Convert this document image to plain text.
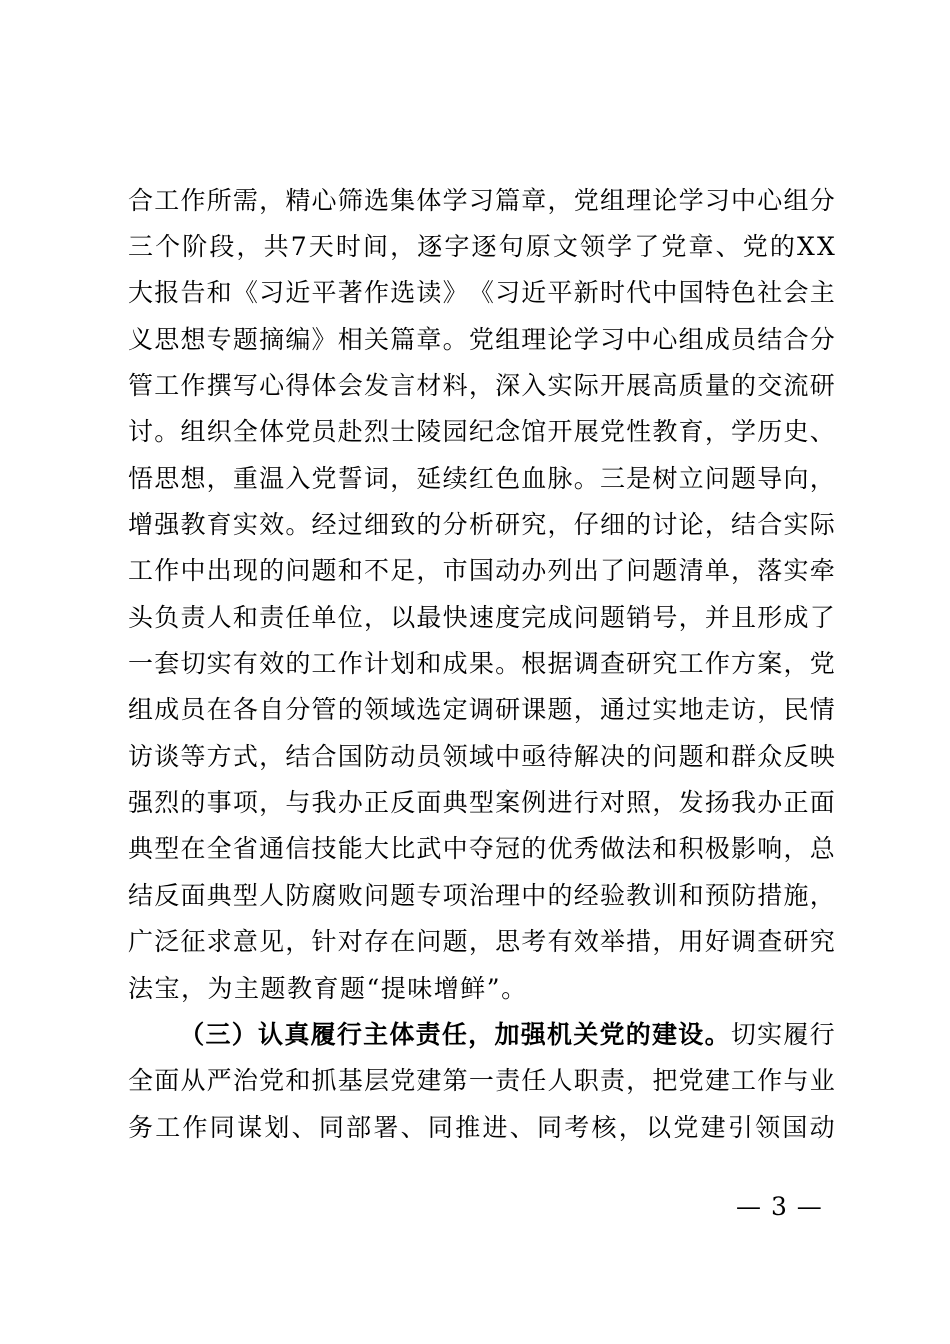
合 工 作 所 需 ， 精 心 筛 选 集 体 学 习 篇 章 ， 党 组 理 论 学 习 中 心 组 分
三 个 阶 段 ， 共 7 天 时 间 ， 逐 字 逐 句 原 文 领 学 了 党 章 、 党 的 X X
大 报 告 和 《 习 近 平 著 作 选 读 》 《 习 近 平 新 时 代 中 国 特 色 社 会 主
义 思 想 专 题 摘 编 》 相 关 篇 章 。 党 组 理 论 学 习 中 心 组 成 员 结 合 分
管 工 作 撰 写 心 得 体 会 发 言 材 料 ， 深 入 实 际 开 展 高 质 量 的 交 流 研
讨 。 组 织 全 体 党 员 赴 烈 士 陵 园 纪 念 馆 开 展 党 性 教 育 ， 学 历 史 、
悟 思 想 ， 重 温 入 党 誓 词 ， 延 续 红 色 血 脉 。 三 是 树 立 问 题 导 向 ，
增 强 教 育 实 效 。 经 过 细 致 的 分 析 研 究 ， 仔 细 的 讨 论 ， 结 合 实 际
工 作 中 出 现 的 问 题 和 不 足 ， 市 国 动 办 列 出 了 问 题 清 单 ， 落 实 牵
头 负 责 人 和 责 任 单 位 ， 以 最 快 速 度 完 成 问 题 销 号 ， 并 且 形 成 了
一 套 切 实 有 效 的 工 作 计 划 和 成 果 。 根 据 调 查 研 究 工 作 方 案 ， 党
组 成 员 在 各 自 分 管 的 领 域 选 定 调 研 课 题 ， 通 过 实 地 走 访 ， 民 情
访 谈 等 方 式 ， 结 合 国 防 动 员 领 域 中 亟 待 解 决 的 问 题 和 群 众 反 映
强 烈 的 事 项 ， 与 我 办 正 反 面 典 型 案 例 进 行 对 照 ， 发 扬 我 办 正 面
典 型 在 全 省 通 信 技 能 大 比 武 中 夺 冠 的 优 秀 做 法 和 积 极 影 响 ， 总
结 反 面 典 型 人 防 腐 败 问 题 专 项 治 理 中 的 经 验 教 训 和 预 防 措 施 ，
广 泛 征 求 意 见 ， 针 对 存 在 问 题 ， 思 考 有 效 举 措 ， 用 好 调 查 研 究
法宝，为主题教育题“提味增鲜”。
（ 三 ） 认 真 履 行 主 体 责 任 ， 加 强 机 关 党 的 建 设 。 切 实 履 行
全 面 从 严 治 党 和 抓 基 层 党 建 第 一 责 任 人 职 责 ， 把 党 建 工 作 与 业
务 工 作 同 谋 划 、 同 部 署 、 同 推 进 、 同 考 核 ， 以 党 建 引 领 国 动
— 3 —
